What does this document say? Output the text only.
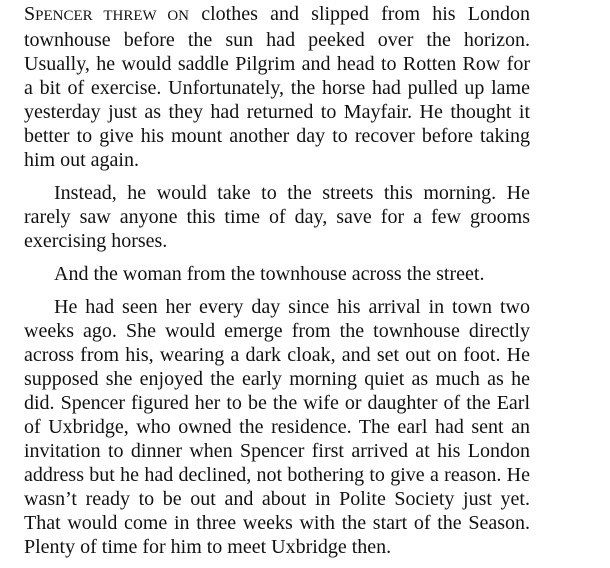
SPENCER THREW ON clothes and slipped from his London townhouse before the sun had peeked over the horizon. Usually, he would saddle Pilgrim and head to Rotten Row for a bit of exercise. Unfortunately, the horse had pulled up lame yesterday just as they had returned to Mayfair. He thought it better to give his mount another day to recover before taking him out again.

Instead, he would take to the streets this morning. He rarely saw anyone this time of day, save for a few grooms exercising horses.

And the woman from the townhouse across the street.

He had seen her every day since his arrival in town two weeks ago. She would emerge from the townhouse directly across from his, wearing a dark cloak, and set out on foot. He supposed she enjoyed the early morning quiet as much as he did. Spencer figured her to be the wife or daughter of the Earl of Uxbridge, who owned the residence. The earl had sent an invitation to dinner when Spencer first arrived at his London address but he had declined, not bothering to give a reason. He wasn’t ready to be out and about in Polite Society just yet. That would come in three weeks with the start of the Season. Plenty of time for him to meet Uxbridge then.
